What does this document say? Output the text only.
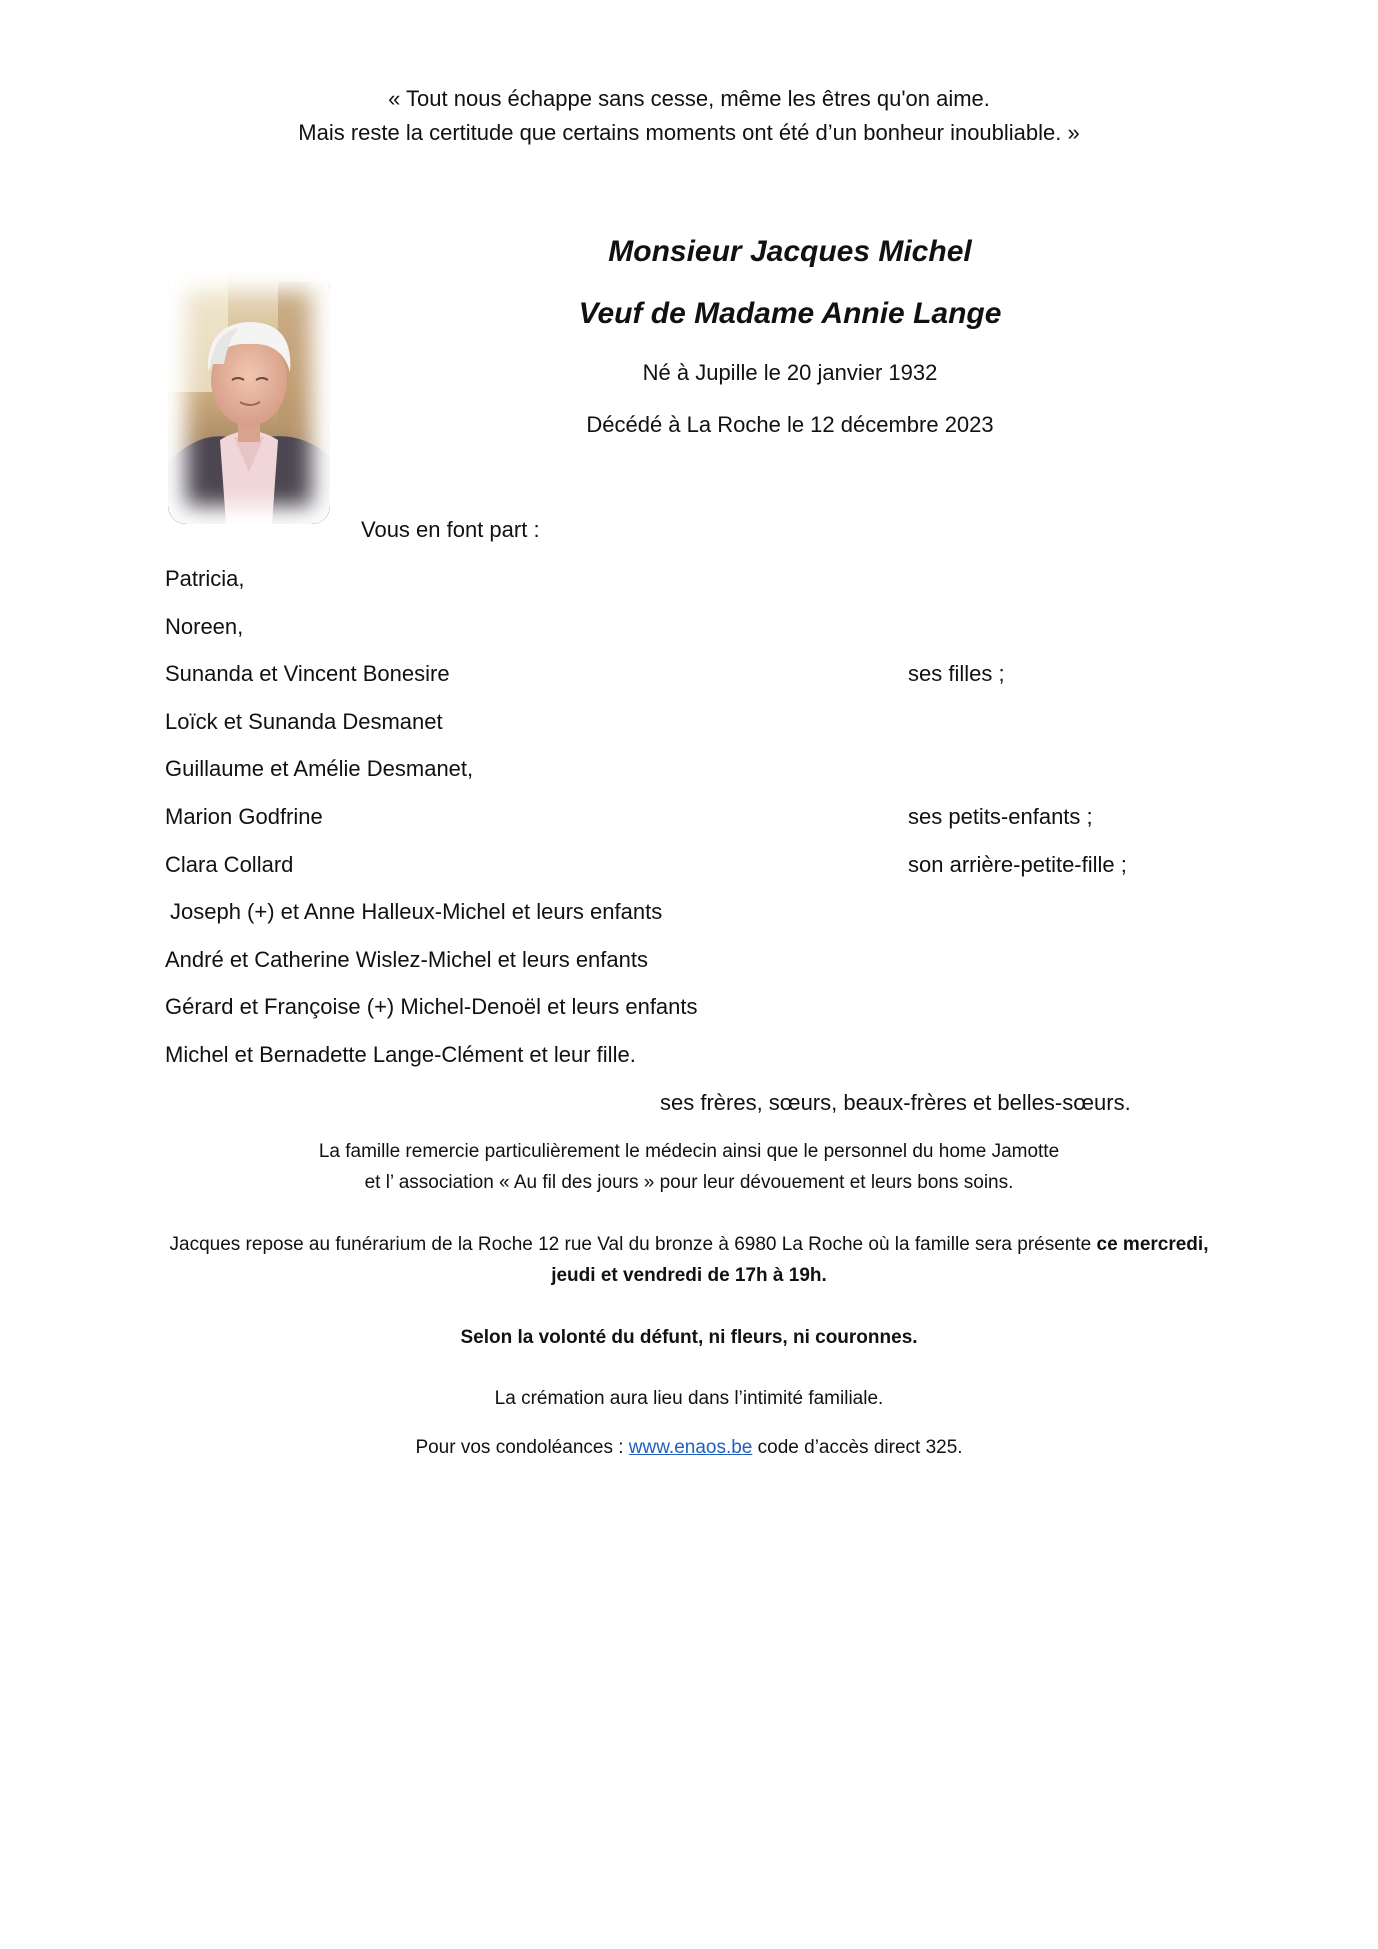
« Tout nous échappe sans cesse, même les êtres qu'on aime.
Mais reste la certitude que certains moments ont été d’un bonheur inoubliable. »
Monsieur Jacques Michel
Veuf de Madame Annie Lange
Né à Jupille le 20 janvier 1932
Décédé à La Roche le 12 décembre 2023
Vous en font part :
Patricia,
Noreen,
Sunanda et Vincent Bonesire	ses filles ;
Loïck et Sunanda Desmanet
Guillaume et Amélie Desmanet,
Marion Godfrine	ses petits-enfants ;
Clara Collard	son arrière-petite-fille ;
Joseph (+) et Anne Halleux-Michel et leurs enfants
André et Catherine Wislez-Michel et leurs enfants
Gérard et Françoise (+) Michel-Denoël et leurs enfants
Michel et Bernadette Lange-Clément et leur fille.
ses frères, sœurs, beaux-frères et belles-sœurs.
La famille remercie particulièrement le médecin ainsi que le personnel du home Jamotte
et l’ association « Au fil des jours » pour leur dévouement et leurs bons soins.
Jacques repose au funérarium de la Roche 12 rue Val du bronze à 6980 La Roche où la famille sera présente ce mercredi, jeudi et vendredi de 17h à 19h.
Selon la volonté du défunt, ni fleurs, ni couronnes.
La crémation aura lieu dans l’intimité familiale.
Pour vos condoléances : www.enaos.be code d’accès direct 325.
